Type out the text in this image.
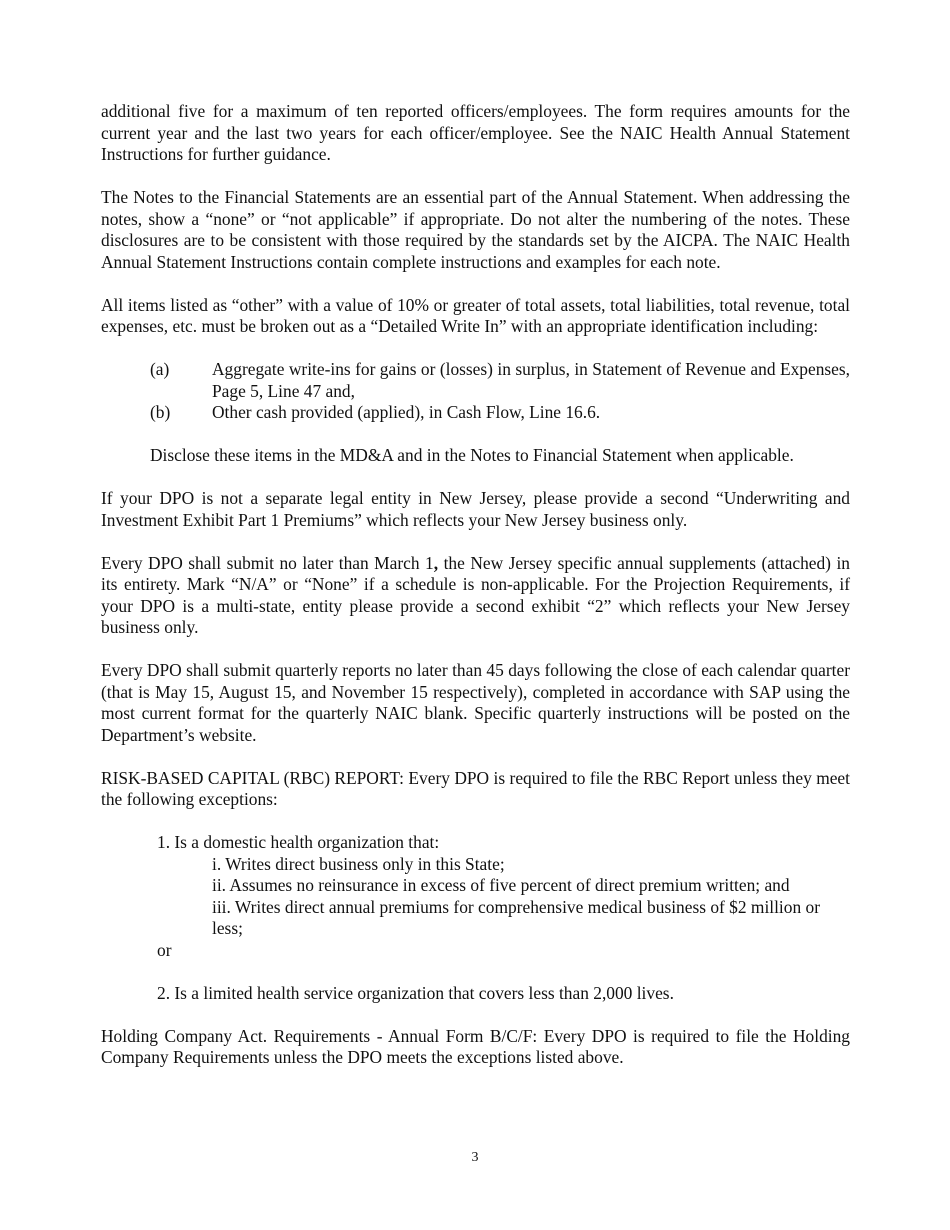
additional five for a maximum of ten reported officers/employees. The form requires amounts for the current year and the last two years for each officer/employee. See the NAIC Health Annual Statement Instructions for further guidance.

The Notes to the Financial Statements are an essential part of the Annual Statement. When addressing the notes, show a “none” or “not applicable” if appropriate. Do not alter the numbering of the notes. These disclosures are to be consistent with those required by the standards set by the AICPA. The NAIC Health Annual Statement Instructions contain complete instructions and examples for each note.

All items listed as “other” with a value of 10% or greater of total assets, total liabilities, total revenue, total expenses, etc. must be broken out as a “Detailed Write In” with an appropriate identification including:

(a)	Aggregate write-ins for gains or (losses) in surplus, in Statement of Revenue and Expenses, Page 5, Line 47 and,
(b)	Other cash provided (applied), in Cash Flow, Line 16.6.

Disclose these items in the MD&A and in the Notes to Financial Statement when applicable.

If your DPO is not a separate legal entity in New Jersey, please provide a second “Underwriting and Investment Exhibit Part 1 Premiums” which reflects your New Jersey business only.

Every DPO shall submit no later than March 1, the New Jersey specific annual supplements (attached) in its entirety. Mark “N/A” or “None” if a schedule is non-applicable. For the Projection Requirements, if your DPO is a multi-state, entity please provide a second exhibit “2” which reflects your New Jersey business only.

Every DPO shall submit quarterly reports no later than 45 days following the close of each calendar quarter (that is May 15, August 15, and November 15 respectively), completed in accordance with SAP using the most current format for the quarterly NAIC blank. Specific quarterly instructions will be posted on the Department’s website.

RISK-BASED CAPITAL (RBC) REPORT: Every DPO is required to file the RBC Report unless they meet the following exceptions:

1. Is a domestic health organization that:

i. Writes direct business only in this State;

ii. Assumes no reinsurance in excess of five percent of direct premium written; and

iii. Writes direct annual premiums for comprehensive medical business of $2 million or less;

or

2. Is a limited health service organization that covers less than 2,000 lives.

Holding Company Act. Requirements - Annual Form B/C/F: Every DPO is required to file the Holding Company Requirements unless the DPO meets the exceptions listed above.

3
